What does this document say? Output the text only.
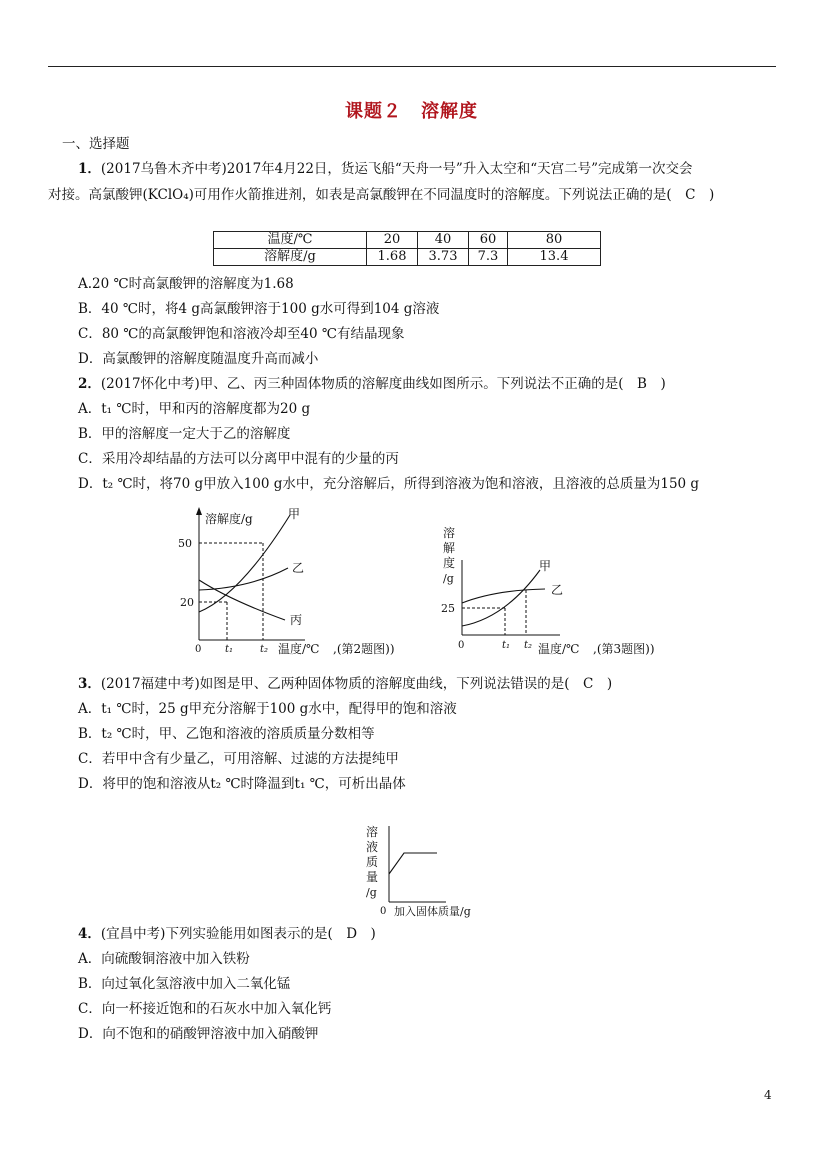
课题２　溶解度
一、选择题
1．(2017乌鲁木齐中考)2017年4月22日，货运飞船“天舟一号”升入太空和“天宫二号”完成第一次交会
对接。高氯酸钾(KClO₄)可用作火箭推进剂，如表是高氯酸钾在不同温度时的溶解度。下列说法正确的是(　C　)
温度/℃	20	40	60	80
溶解度/g	1.68	3.73	7.3	13.4
A.20 ℃时高氯酸钾的溶解度为1.68
B．40 ℃时，将4 g高氯酸钾溶于100 g水可得到104 g溶液
C．80 ℃的高氯酸钾饱和溶液冷却至40 ℃有结晶现象
D．高氯酸钾的溶解度随温度升高而减小
2．(2017怀化中考)甲、乙、丙三种固体物质的溶解度曲线如图所示。下列说法不正确的是(　B　)
A．t₁ ℃时，甲和丙的溶解度都为20 g
B．甲的溶解度一定大于乙的溶解度
C．采用冷却结晶的方法可以分离甲中混有的少量的丙
D．t₂ ℃时，将70 g甲放入100 g水中，充分溶解后，所得到溶液为饱和溶液，且溶液的总质量为150 g
溶解度/g
50
20
0 t₁	t₂
甲
乙
丙
温度/℃ ,(第2题图))
溶
解
度
/g
25
0	t₁ t₂
甲
乙
温度/℃ ,(第3题图))
3．(2017福建中考)如图是甲、乙两种固体物质的溶解度曲线，下列说法错误的是(　C　)
A．t₁ ℃时，25 g甲充分溶解于100 g水中，配得甲的饱和溶液
B．t₂ ℃时，甲、乙饱和溶液的溶质质量分数相等
C．若甲中含有少量乙，可用溶解、过滤的方法提纯甲
D．将甲的饱和溶液从t₂ ℃时降温到t₁ ℃，可析出晶体
溶
液
质
量
/g
0 加入固体质量/g
4．(宜昌中考)下列实验能用如图表示的是(　D　)
A．向硫酸铜溶液中加入铁粉
B．向过氧化氢溶液中加入二氧化锰
C．向一杯接近饱和的石灰水中加入氧化钙
D．向不饱和的硝酸钾溶液中加入硝酸钾
4
